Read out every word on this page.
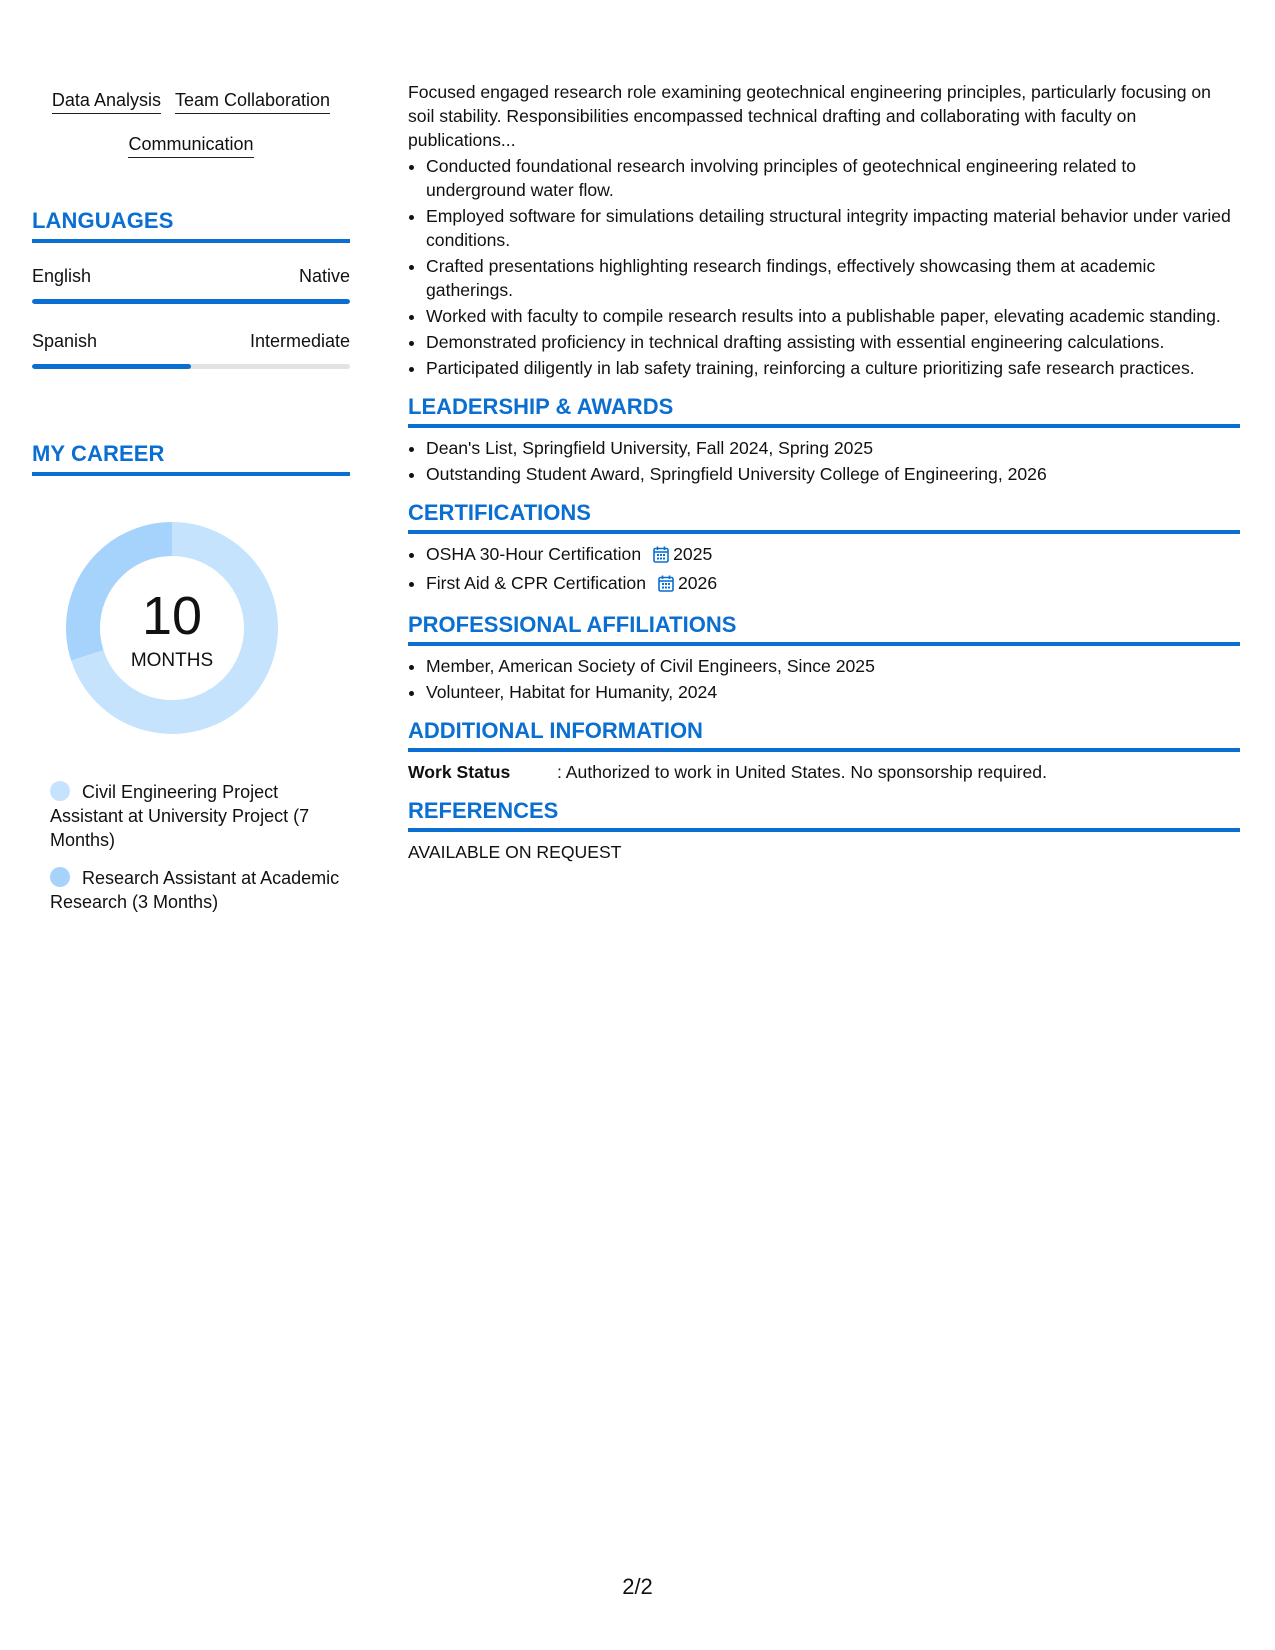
Data Analysis Team Collaboration
Communication
LANGUAGES
English	Native
Spanish	Intermediate
MY CAREER
10
MONTHS
Civil Engineering Project Assistant at University Project (7 Months)
Research Assistant at Academic Research (3 Months)

Focused engaged research role examining geotechnical engineering principles, particularly focusing on soil stability. Responsibilities encompassed technical drafting and collaborating with faculty on publications...

• Conducted foundational research involving principles of geotechnical engineering related to underground water flow.
• Employed software for simulations detailing structural integrity impacting material behavior under varied conditions.
• Crafted presentations highlighting research findings, effectively showcasing them at academic gatherings.
• Worked with faculty to compile research results into a publishable paper, elevating academic standing.
• Demonstrated proficiency in technical drafting assisting with essential engineering calculations.
• Participated diligently in lab safety training, reinforcing a culture prioritizing safe research practices.
LEADERSHIP & AWARDS
• Dean's List, Springfield University, Fall 2024, Spring 2025
• Outstanding Student Award, Springfield University College of Engineering, 2026
CERTIFICATIONS
• OSHA 30-Hour Certification 2025
• First Aid & CPR Certification 2026
PROFESSIONAL AFFILIATIONS
• Member, American Society of Civil Engineers, Since 2025
• Volunteer, Habitat for Humanity, 2024
ADDITIONAL INFORMATION
Work Status	: Authorized to work in United States. No sponsorship required.
REFERENCES
AVAILABLE ON REQUEST
2/2
